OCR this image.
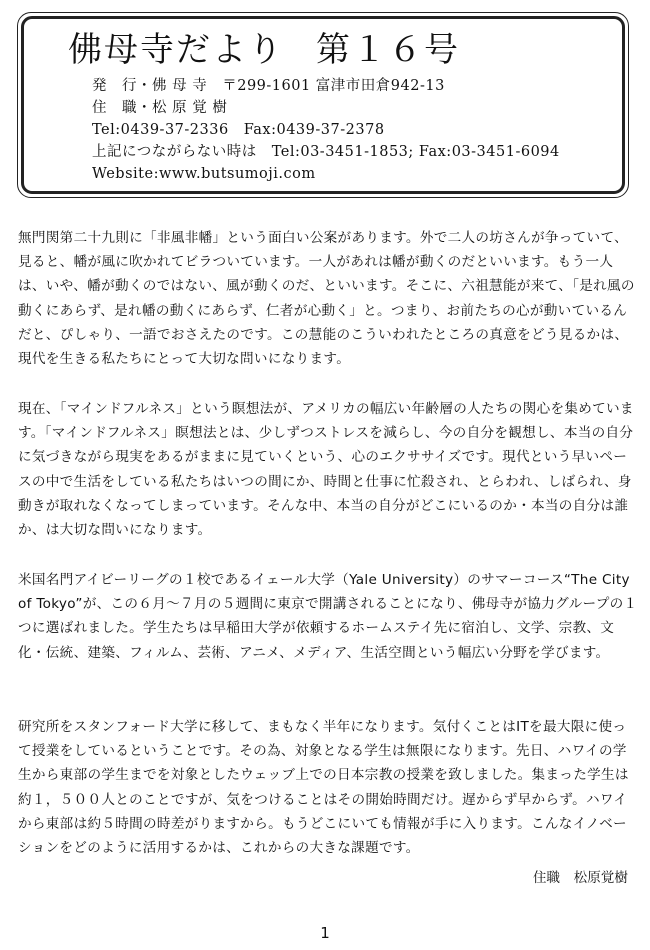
佛母寺だより 第１６号
発　行・佛 母 寺　〒299-1601 富津市田倉942-13
住　職・松 原 覚 樹
Tel:0439-37-2336　Fax:0439-37-2378
上記につながらない時は　Tel:03-3451-1853; Fax:03-3451-6094
Website:www.butsumoji.com

無門関第二十九則に「非風非幡」という面白い公案があります。外で二人の坊さんが争っていて、見ると、幡が風に吹かれてビラついています。一人があれは幡が動くのだといいます。もう一人は、いや、幡が動くのではない、風が動くのだ、といいます。そこに、六祖慧能が来て、「是れ風の動くにあらず、是れ幡の動くにあらず、仁者が心動く」と。つまり、お前たちの心が動いているんだと、ぴしゃり、一語でおさえたのです。この慧能のこういわれたところの真意をどう見るかは、現代を生きる私たちにとって大切な問いになります。

現在、「マインドフルネス」という瞑想法が、アメリカの幅広い年齢層の人たちの関心を集めています。「マインドフルネス」瞑想法とは、少しずつストレスを減らし、今の自分を観想し、本当の自分に気づきながら現実をあるがままに見ていくという、心のエクササイズです。現代という早いペースの中で生活をしている私たちはいつの間にか、時間と仕事に忙殺され、とらわれ、しばられ、身動きが取れなくなってしまっています。そんな中、本当の自分がどこにいるのか・本当の自分は誰か、は大切な問いになります。

米国名門アイビーリーグの１校であるイェール大学（Yale University）のサマーコース“The City of Tokyo”が、この６月～７月の５週間に東京で開講されることになり、佛母寺が協力グループの１つに選ばれました。学生たちは早稲田大学が依頼するホームステイ先に宿泊し、文学、宗教、文化・伝統、建築、フィルム、芸術、アニメ、メディア、生活空間という幅広い分野を学びます。

研究所をスタンフォード大学に移して、まもなく半年になります。気付くことはITを最大限に使って授業をしているということです。その為、対象となる学生は無限になります。先日、ハワイの学生から東部の学生までを対象としたウェッブ上での日本宗教の授業を致しました。集まった学生は約１，５００人とのことですが、気をつけることはその開始時間だけ。遅からず早からず。ハワイから東部は約５時間の時差がりますから。もうどこにいても情報が手に入ります。こんなイノベーションをどのように活用するかは、これからの大きな課題です。

住職　松原覚樹
1
